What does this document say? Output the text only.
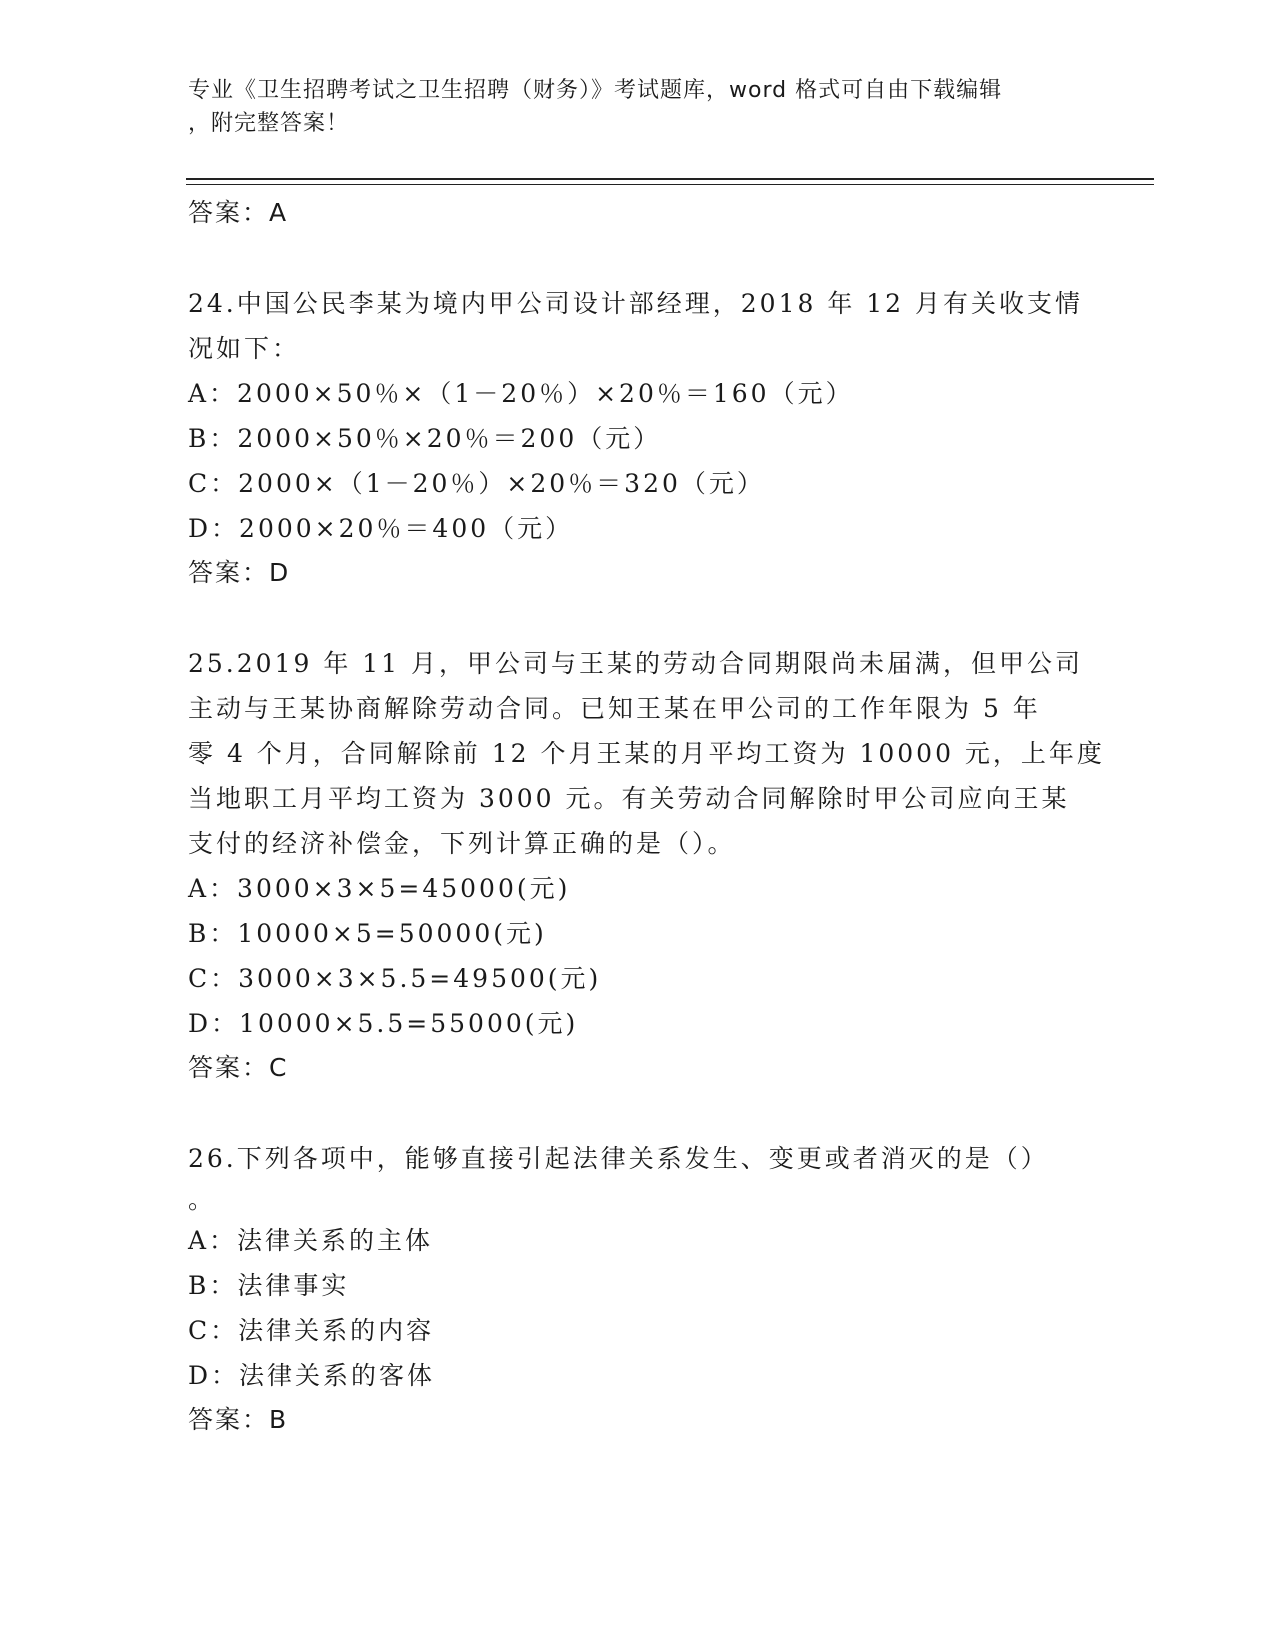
专业《卫生招聘考试之卫生招聘（财务）》考试题库，word 格式可自由下载编辑
，附完整答案！
答案：A
24.中国公民李某为境内甲公司设计部经理，2018 年 12 月有关收支情
况如下：
A：2000×50％×（1－20％）×20％＝160（元）
B：2000×50％×20％＝200（元）
C：2000×（1－20％）×20％＝320（元）
D：2000×20％＝400（元）
答案：D
25.2019 年 11 月，甲公司与王某的劳动合同期限尚未届满，但甲公司
主动与王某协商解除劳动合同。已知王某在甲公司的工作年限为 5 年
零 4 个月，合同解除前 12 个月王某的月平均工资为 10000 元，上年度
当地职工月平均工资为 3000 元。有关劳动合同解除时甲公司应向王某
支付的经济补偿金，下列计算正确的是（）。
A：3000×3×5=45000(元)
B：10000×5=50000(元)
C：3000×3×5.5=49500(元)
D：10000×5.5=55000(元)
答案：C
26.下列各项中，能够直接引起法律关系发生、变更或者消灭的是（）
。
A：法律关系的主体
B：法律事实
C：法律关系的内容
D：法律关系的客体
答案：B
